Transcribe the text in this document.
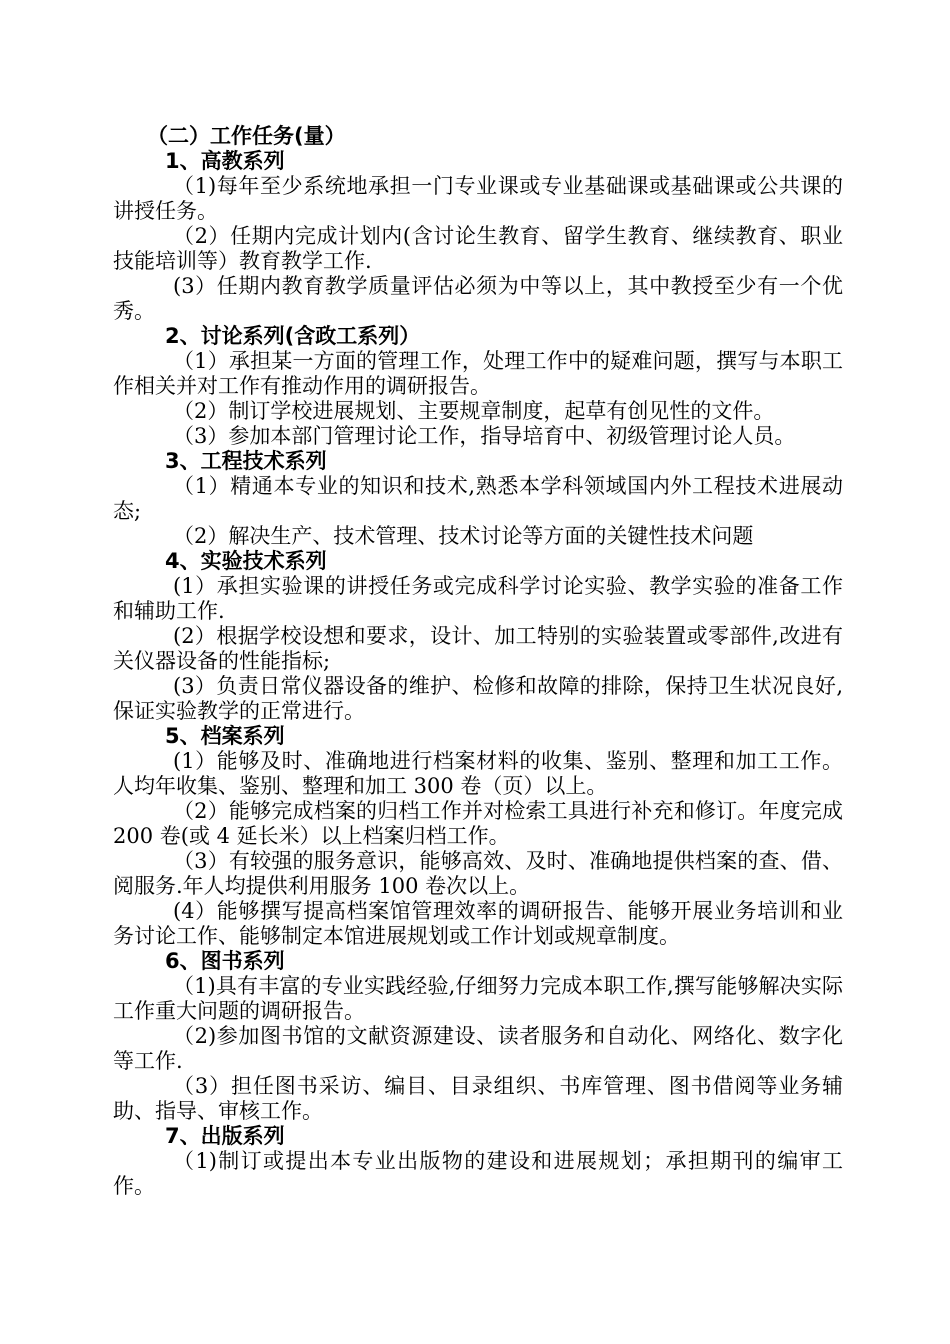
（二）工作任务(量）
1、高教系列
（1)每年至少系统地承担一门专业课或专业基础课或基础课或公共课的讲授任务。
（2）任期内完成计划内(含讨论生教育、留学生教育、继续教育、职业技能培训等）教育教学工作.
(3）任期内教育教学质量评估必须为中等以上，其中教授至少有一个优秀。
2、讨论系列(含政工系列）
（1）承担某一方面的管理工作，处理工作中的疑难问题，撰写与本职工作相关并对工作有推动作用的调研报告。
（2）制订学校进展规划、主要规章制度，起草有创见性的文件。
（3）参加本部门管理讨论工作，指导培育中、初级管理讨论人员。
3、工程技术系列
（1）精通本专业的知识和技术,熟悉本学科领域国内外工程技术进展动态;
（2）解决生产、技术管理、技术讨论等方面的关键性技术问题
4、实验技术系列
(1）承担实验课的讲授任务或完成科学讨论实验、教学实验的准备工作和辅助工作.
(2）根据学校设想和要求，设计、加工特别的实验装置或零部件,改进有关仪器设备的性能指标;
(3）负责日常仪器设备的维护、检修和故障的排除，保持卫生状况良好,保证实验教学的正常进行。
5、档案系列
(1）能够及时、准确地进行档案材料的收集、鉴别、整理和加工工作。人均年收集、鉴别、整理和加工 300 卷（页）以上。
（2）能够完成档案的归档工作并对检索工具进行补充和修订。年度完成 200 卷(或 4 延长米）以上档案归档工作。
（3）有较强的服务意识，能够高效、及时、准确地提供档案的查、借、阅服务.年人均提供利用服务 100 卷次以上。
(4）能够撰写提高档案馆管理效率的调研报告、能够开展业务培训和业务讨论工作、能够制定本馆进展规划或工作计划或规章制度。
6、图书系列
（1)具有丰富的专业实践经验,仔细努力完成本职工作,撰写能够解决实际工作重大问题的调研报告。
（2)参加图书馆的文献资源建设、读者服务和自动化、网络化、数字化等工作.
（3）担任图书采访、编目、目录组织、书库管理、图书借阅等业务辅助、指导、审核工作。
7、出版系列
（1)制订或提出本专业出版物的建设和进展规划；承担期刊的编审工作。
